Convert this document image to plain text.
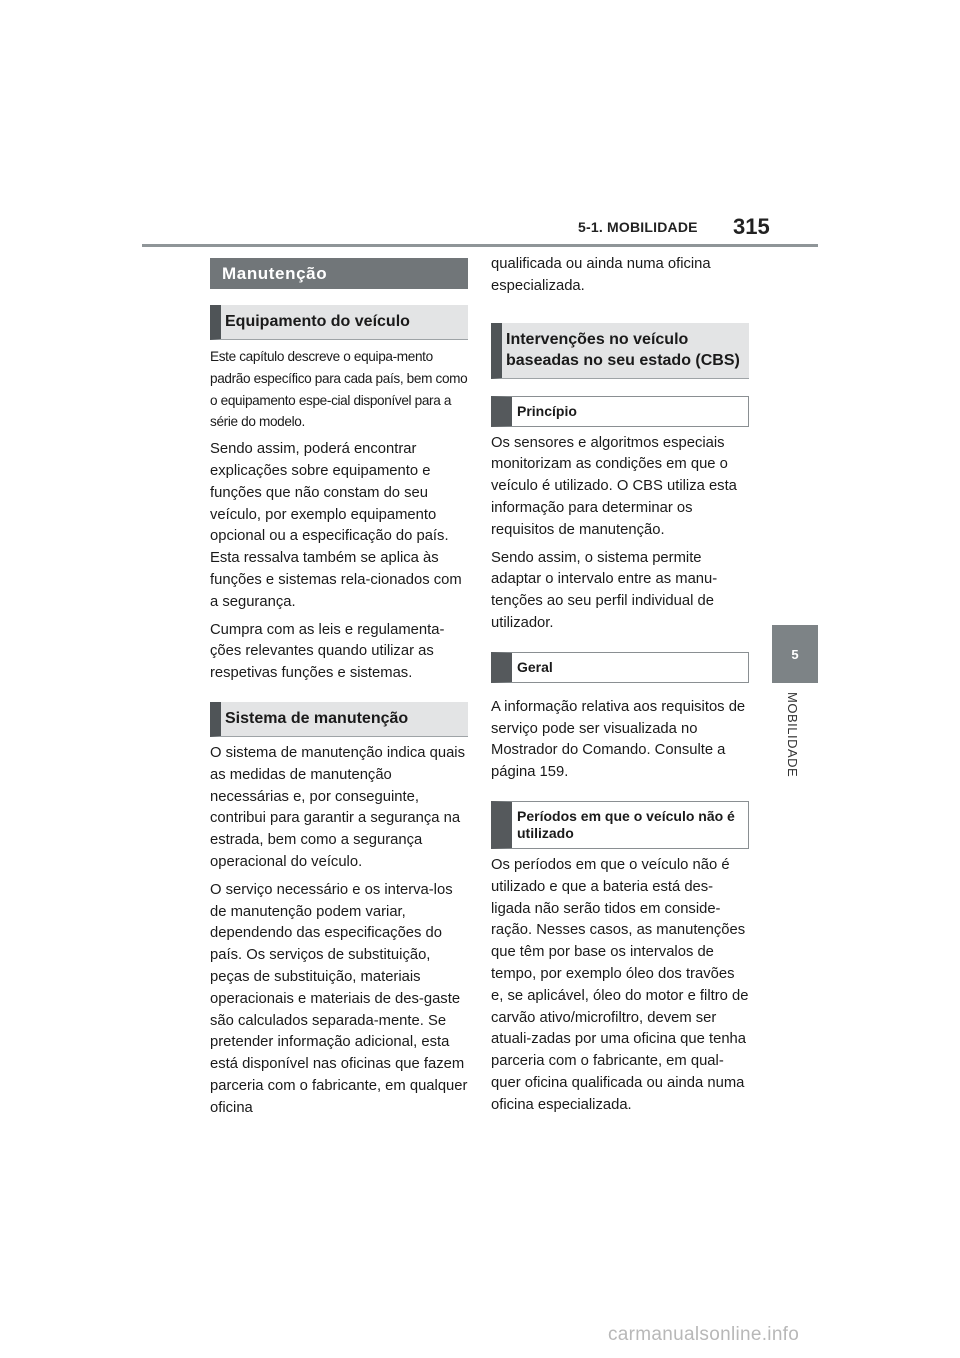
5-1. MOBILIDADE 315
5
MOBILIDADE
Manutenção
Equipamento do veículo

Este capítulo descreve o equipa-mento padrão específico para cada país, bem como o equipamento espe-cial disponível para a série do modelo.

Sendo assim, poderá encontrar explicações sobre equipamento e funções que não constam do seu veículo, por exemplo equipamento opcional ou a especificação do país. Esta ressalva também se aplica às funções e sistemas rela-cionados com a segurança.

Cumpra com as leis e regulamenta-ções relevantes quando utilizar as respetivas funções e sistemas.

Sistema de manutenção

O sistema de manutenção indica quais as medidas de manutenção necessárias e, por conseguinte, contribui para garantir a segurança na estrada, bem como a segurança operacional do veículo.

O serviço necessário e os interva-los de manutenção podem variar, dependendo das especificações do país. Os serviços de substituição, peças de substituição, materiais operacionais e materiais de des-gaste são calculados separada-mente. Se pretender informação adicional, esta está disponível nas oficinas que fazem parceria com o fabricante, em qualquer oficina

qualificada ou ainda numa oficina especializada.

Intervenções no veículo baseadas no seu estado (CBS)
Princípio

Os sensores e algoritmos especiais monitorizam as condições em que o veículo é utilizado. O CBS utiliza esta informação para determinar os requisitos de manutenção.

Sendo assim, o sistema permite adaptar o intervalo entre as manu-tenções ao seu perfil individual de utilizador.

Geral

A informação relativa aos requisitos de serviço pode ser visualizada no Mostrador do Comando. Consulte a página 159.

Períodos em que o veículo não é utilizado

Os períodos em que o veículo não é utilizado e que a bateria está des-ligada não serão tidos em conside-ração. Nesses casos, as manutenções que têm por base os intervalos de tempo, por exemplo óleo dos travões e, se aplicável, óleo do motor e filtro de carvão ativo/microfiltro, devem ser atuali-zadas por uma oficina que tenha parceria com o fabricante, em qual-quer oficina qualificada ou ainda numa oficina especializada.

carmanualsonline.info
